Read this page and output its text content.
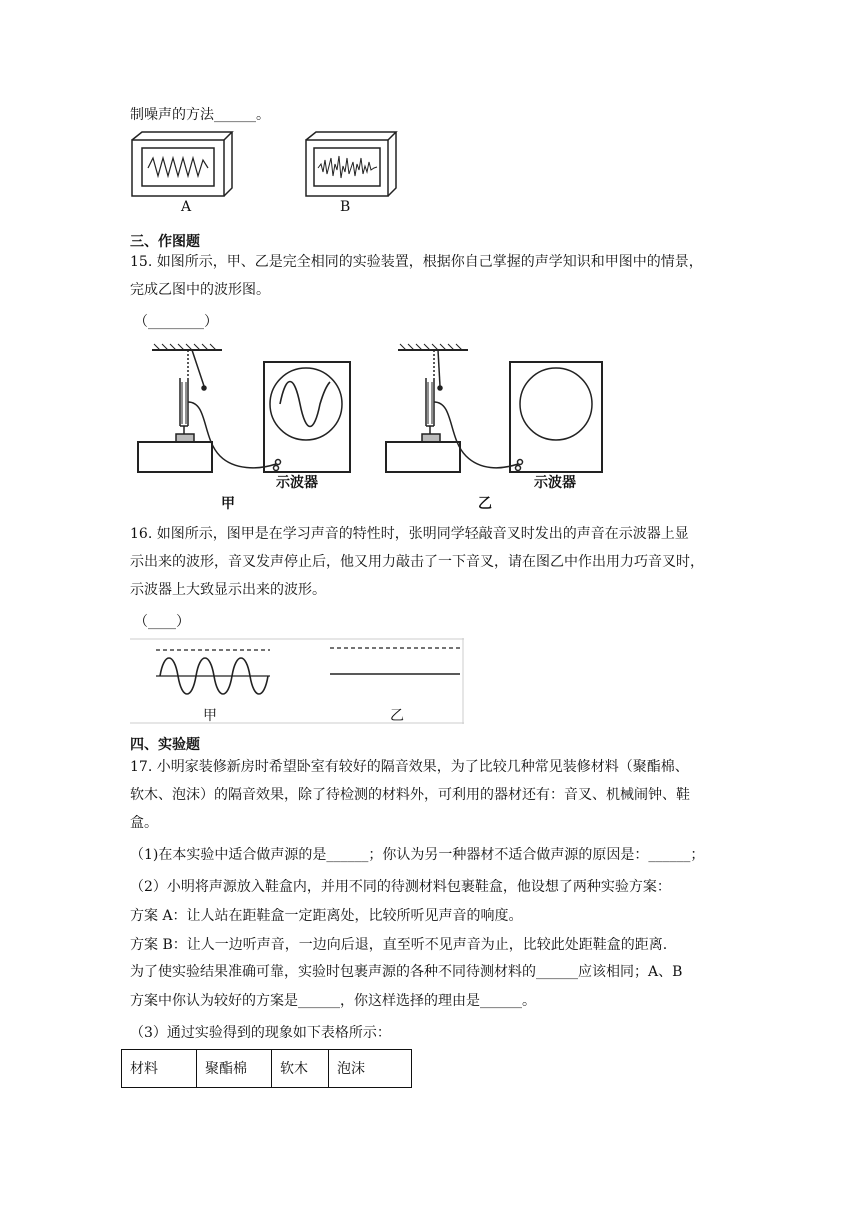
制噪声的方法______。
A	B
三、作图题
15. 如图所示，甲、乙是完全相同的实验装置，根据你自己掌握的声学知识和甲图中的情景，
完成乙图中的波形图。
（________）
示波器
甲
示波器
乙
16. 如图所示，图甲是在学习声音的特性时，张明同学轻敲音叉时发出的声音在示波器上显
示出来的波形，音叉发声停止后，他又用力敲击了一下音叉，请在图乙中作出用力巧音叉时，
示波器上大致显示出来的波形。
（____）
甲	乙
四、实验题
17. 小明家装修新房时希望卧室有较好的隔音效果，为了比较几种常见装修材料（聚酯棉、
软木、泡沫）的隔音效果，除了待检测的材料外，可利用的器材还有：音叉、机械闹钟、鞋
盒。
（1)在本实验中适合做声源的是______；你认为另一种器材不适合做声源的原因是：______；
（2）小明将声源放入鞋盒内，并用不同的待测材料包裹鞋盒，他设想了两种实验方案：
方案 A：让人站在距鞋盒一定距离处，比较所听见声音的响度。
方案 B：让人一边听声音，一边向后退，直至听不见声音为止，比较此处距鞋盒的距离.
为了使实验结果准确可靠，实验时包裹声源的各种不同待测材料的______应该相同；A、B
方案中你认为较好的方案是______，你这样选择的理由是______。
（3）通过实验得到的现象如下表格所示：
材料	聚酯棉	软木	泡沫
